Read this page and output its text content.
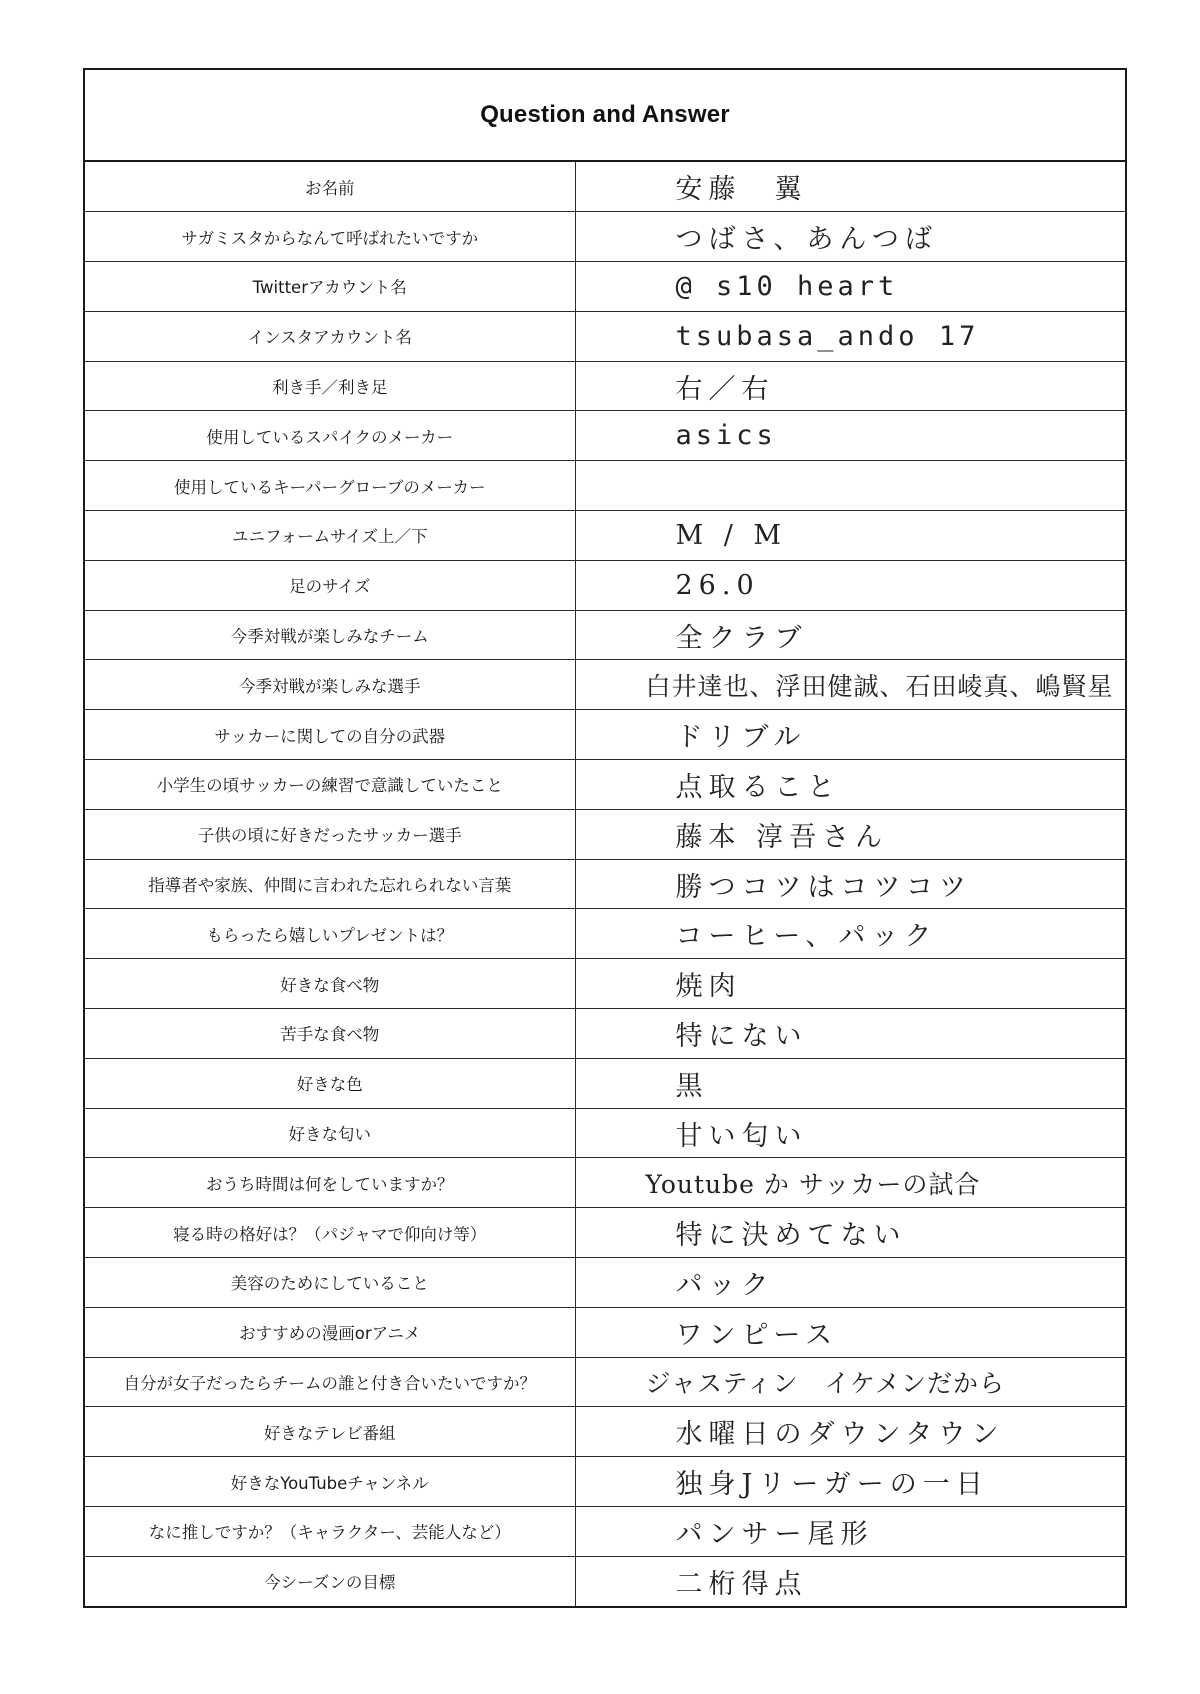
Question and Answer
お名前	安藤　翼
サガミスタからなんて呼ばれたいですか	つばさ、あんつば
Twitterアカウント名	@ s10 heart
インスタアカウント名	tsubasa_ando 17
利き手／利き足	右／右
使用しているスパイクのメーカー	asics
使用しているキーパーグローブのメーカー	
ユニフォームサイズ上／下	M / M
足のサイズ	26.0
今季対戦が楽しみなチーム	全クラブ
今季対戦が楽しみな選手	白井達也、浮田健誠、石田崚真、嶋賢星
サッカーに関しての自分の武器	ドリブル
小学生の頃サッカーの練習で意識していたこと	点取ること
子供の頃に好きだったサッカー選手	藤本 淳吾さん
指導者や家族、仲間に言われた忘れられない言葉	勝つコツはコツコツ
もらったら嬉しいプレゼントは？	コーヒー、パック
好きな食べ物	焼肉
苦手な食べ物	特にない
好きな色	黒
好きな匂い	甘い匂い
おうち時間は何をしていますか？	Youtube か サッカーの試合
寝る時の格好は？（パジャマで仰向け等）	特に決めてない
美容のためにしていること	パック
おすすめの漫画orアニメ	ワンピース
自分が女子だったらチームの誰と付き合いたいですか？	ジャスティン　イケメンだから
好きなテレビ番組	水曜日のダウンタウン
好きなYouTubeチャンネル	独身Jリーガーの一日
なに推しですか？（キャラクター、芸能人など）	パンサー尾形
今シーズンの目標	二桁得点
